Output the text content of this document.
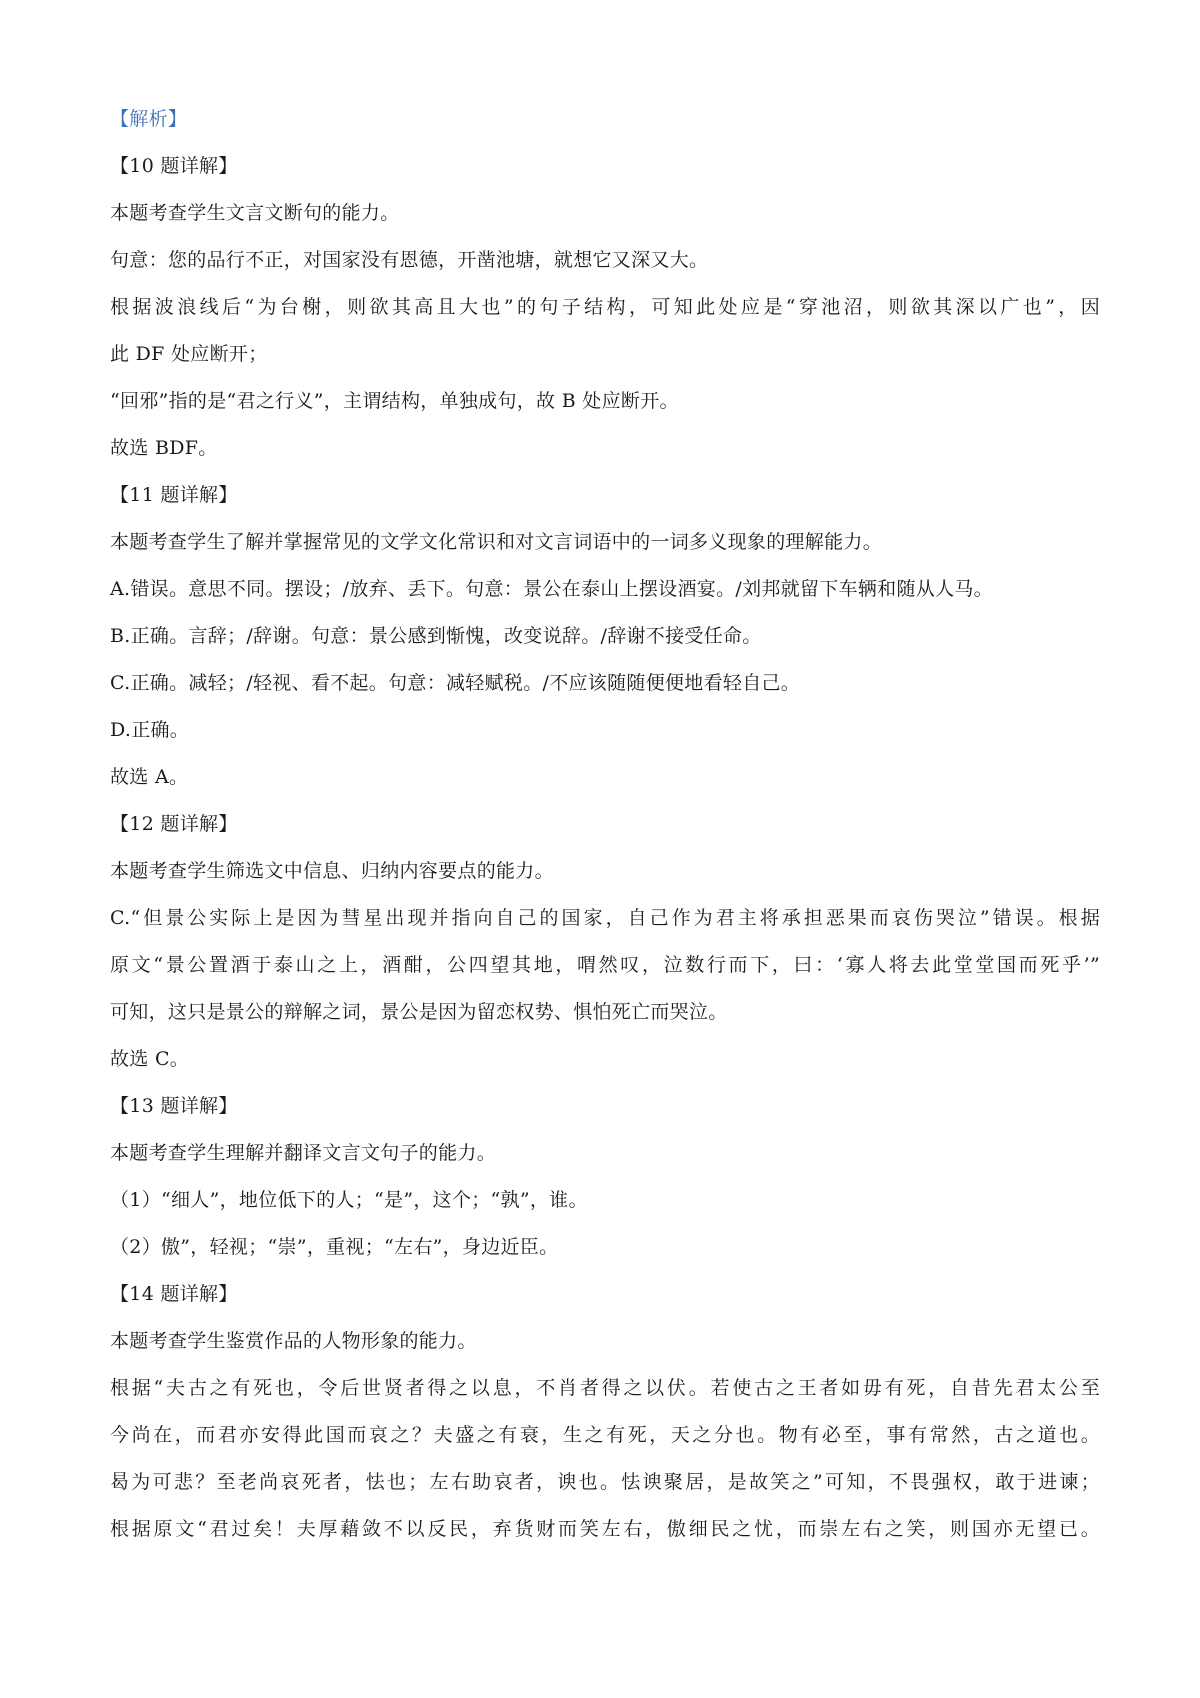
【解析】
【10 题详解】
本题考查学生文言文断句的能力。
句意：您的品行不正，对国家没有恩德，开凿池塘，就想它又深又大。
根据波浪线后“为台榭，则欲其高且大也”的句子结构，可知此处应是“穿池沼，则欲其深以广也”，因
此 DF 处应断开；
“回邪”指的是“君之行义”，主谓结构，单独成句，故 B 处应断开。
故选 BDF。
【11 题详解】
本题考查学生了解并掌握常见的文学文化常识和对文言词语中的一词多义现象的理解能力。
A.错误。意思不同。摆设；/放弃、丢下。句意：景公在泰山上摆设酒宴。/刘邦就留下车辆和随从人马。
B.正确。言辞；/辞谢。句意：景公感到惭愧，改变说辞。/辞谢不接受任命。
C.正确。减轻；/轻视、看不起。句意：减轻赋税。/不应该随随便便地看轻自己。
D.正确。
故选 A。
【12 题详解】
本题考查学生筛选文中信息、归纳内容要点的能力。
C.“但景公实际上是因为彗星出现并指向自己的国家，自己作为君主将承担恶果而哀伤哭泣”错误。根据
原文“景公置酒于泰山之上，酒酣，公四望其地，喟然叹，泣数行而下，曰：‘寡人将去此堂堂国而死乎’”
可知，这只是景公的辩解之词，景公是因为留恋权势、惧怕死亡而哭泣。
故选 C。
【13 题详解】
本题考查学生理解并翻译文言文句子的能力。
（1）“细人”，地位低下的人；“是”，这个；“孰”，谁。
（2）傲”，轻视；“崇”，重视；“左右”，身边近臣。
【14 题详解】
本题考查学生鉴赏作品的人物形象的能力。
根据“夫古之有死也，令后世贤者得之以息，不肖者得之以伏。若使古之王者如毋有死，自昔先君太公至
今尚在，而君亦安得此国而哀之？夫盛之有衰，生之有死，天之分也。物有必至，事有常然，古之道也。
曷为可悲？至老尚哀死者，怯也；左右助哀者，谀也。怯谀聚居，是故笑之”可知，不畏强权，敢于进谏；
根据原文“君过矣！夫厚藉敛不以反民，弃货财而笑左右，傲细民之忧，而崇左右之笑，则国亦无望已。
